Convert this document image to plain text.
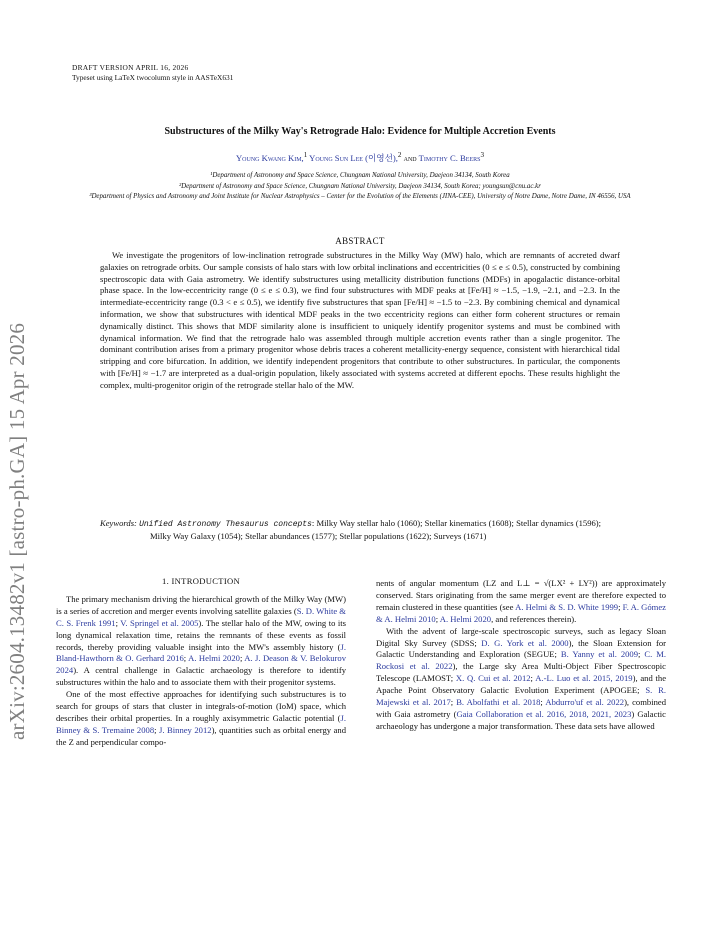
DRAFT VERSION APRIL 16, 2026
Typeset using LaTeX twocolumn style in AASTeX631
arXiv:2604.13482v1 [astro-ph.GA] 15 Apr 2026
Substructures of the Milky Way's Retrograde Halo: Evidence for Multiple Accretion Events
Young Kwang Kim,$^1$ Young Sun Lee (이영선),$^2$ and Timothy C. Beers$^3$
¹Department of Astronomy and Space Science, Chungnam National University, Daejeon 34134, South Korea
²Department of Astronomy and Space Science, Chungnam National University, Daejeon 34134, South Korea; youngsun@cnu.ac.kr
³Department of Physics and Astronomy and Joint Institute for Nuclear Astrophysics – Center for the Evolution of the Elements (JINA-CEE), University of Notre Dame, Notre Dame, IN 46556, USA
ABSTRACT
We investigate the progenitors of low-inclination retrograde substructures in the Milky Way (MW) halo, which are remnants of accreted dwarf galaxies on retrograde orbits. Our sample consists of halo stars with low orbital inclinations and eccentricities (0 ≤ e ≤ 0.5), constructed by combining spectroscopic data with Gaia astrometry. We identify substructures using metallicity distribution functions (MDFs) in apogalactic distance-orbital phase space. In the low-eccentricity range (0 ≤ e ≤ 0.3), we find four substructures with MDF peaks at [Fe/H] ≈ −1.5, −1.9, −2.1, and −2.3. In the intermediate-eccentricity range (0.3 < e ≤ 0.5), we identify five substructures that span [Fe/H] ≈ −1.5 to −2.3. By combining chemical and dynamical information, we show that substructures with identical MDF peaks in the two eccentricity regions can either form coherent structures or remain dynamically distinct. This shows that MDF similarity alone is insufficient to uniquely identify progenitor systems and must be combined with dynamical information. We find that the retrograde halo was assembled through multiple accretion events rather than a single progenitor. The dominant contribution arises from a primary progenitor whose debris traces a coherent metallicity-energy sequence, consistent with hierarchical tidal stripping and core bifurcation. In addition, we identify independent progenitors that contribute to other substructures. In particular, the components with [Fe/H] ≈ −1.7 are interpreted as a dual-origin population, likely associated with systems accreted at different epochs. These results highlight the complex, multi-progenitor origin of the retrograde stellar halo of the MW.
Keywords: Unified Astronomy Thesaurus concepts: Milky Way stellar halo (1060); Stellar kinematics (1608); Stellar dynamics (1596); Milky Way Galaxy (1054); Stellar abundances (1577); Stellar populations (1622); Surveys (1671)
1. INTRODUCTION

The primary mechanism driving the hierarchical growth of the Milky Way (MW) is a series of accretion and merger events involving satellite galaxies (S. D. White & C. S. Frenk 1991; V. Springel et al. 2005). The stellar halo of the MW, owing to its long dynamical relaxation time, retains the remnants of these events as fossil records, thereby providing valuable insight into the MW's assembly history (J. Bland-Hawthorn & O. Gerhard 2016; A. Helmi 2020; A. J. Deason & V. Belokurov 2024). A central challenge in Galactic archaeology is therefore to identify substructures within the halo and to associate them with their progenitor systems.

One of the most effective approaches for identifying such substructures is to search for groups of stars that cluster in integrals-of-motion (IoM) space, which describes their orbital properties. In a roughly axisymmetric Galactic potential (J. Binney & S. Tremaine 2008; J. Binney 2012), quantities such as orbital energy and the Z and perpendicular compo-

nents of angular momentum (LZ and L⊥ = √(LX² + LY²)) are approximately conserved. Stars originating from the same merger event are therefore expected to remain clustered in these quantities (see A. Helmi & S. D. White 1999; F. A. Gómez & A. Helmi 2010; A. Helmi 2020, and references therein).

With the advent of large-scale spectroscopic surveys, such as legacy Sloan Digital Sky Survey (SDSS; D. G. York et al. 2000), the Sloan Extension for Galactic Understanding and Exploration (SEGUE; B. Yanny et al. 2009; C. M. Rockosi et al. 2022), the Large sky Area Multi-Object Fiber Spectroscopic Telescope (LAMOST; X. Q. Cui et al. 2012; A.-L. Luo et al. 2015, 2019), and the Apache Point Observatory Galactic Evolution Experiment (APOGEE; S. R. Majewski et al. 2017; B. Abolfathi et al. 2018; Abdurro'uf et al. 2022), combined with Gaia astrometry (Gaia Collaboration et al. 2016, 2018, 2021, 2023) Galactic archaeology has undergone a major transformation. These data sets have allowed
